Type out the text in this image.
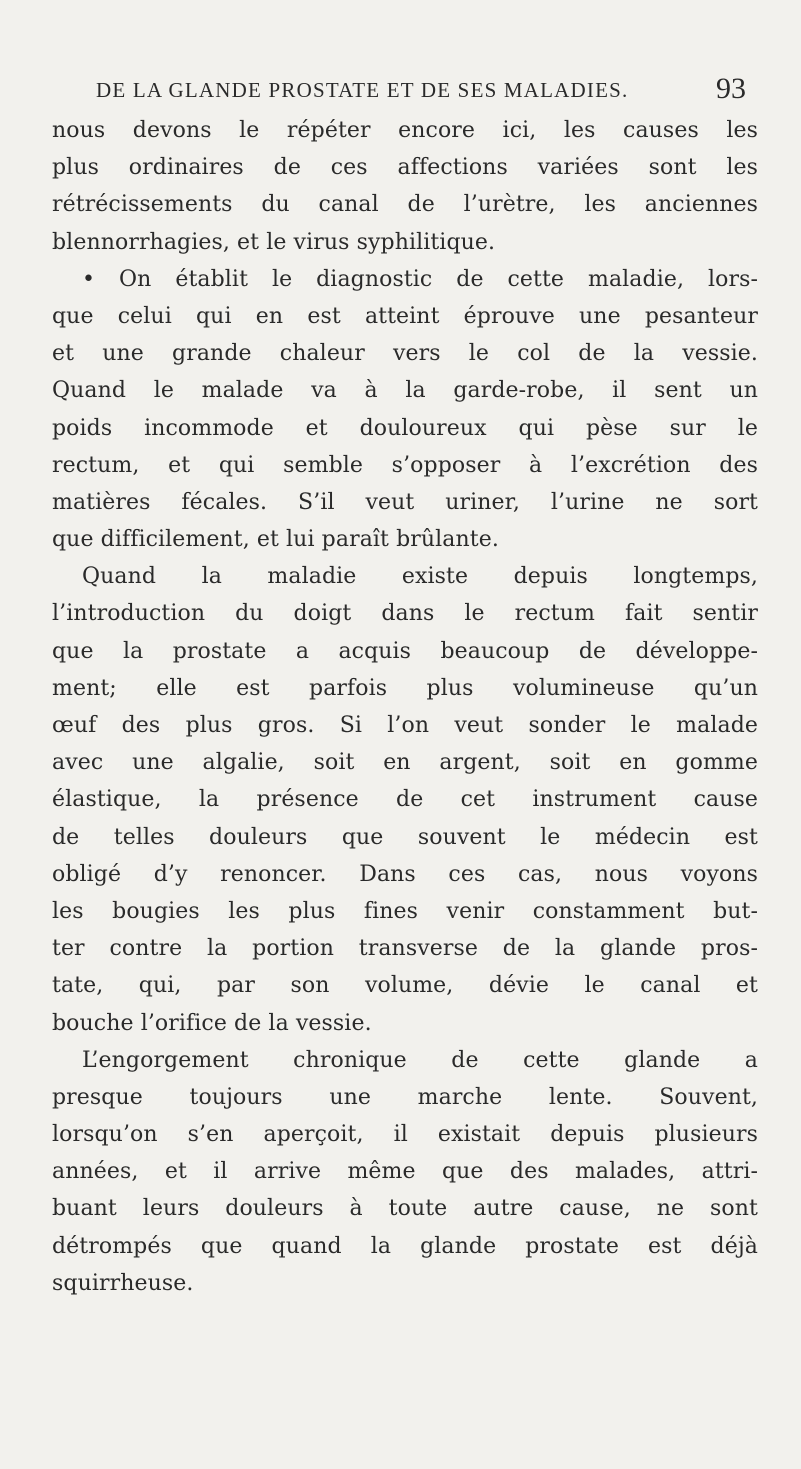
DE LA GLANDE PROSTATE ET DE SES MALADIES.	93
nous devons le répéter encore ici, les causes les
plus ordinaires de ces affections variées sont les
rétrécissements du canal de l’urètre, les anciennes
blennorrhagies, et le virus syphilitique.
• On établit le diagnostic de cette maladie, lors-
que celui qui en est atteint éprouve une pesanteur
et une grande chaleur vers le col de la vessie.
Quand le malade va à la garde-robe, il sent un
poids incommode et douloureux qui pèse sur le
rectum, et qui semble s’opposer à l’excrétion des
matières fécales. S’il veut uriner, l’urine ne sort
que difficilement, et lui paraît brûlante.
Quand la maladie existe depuis longtemps,
l’introduction du doigt dans le rectum fait sentir
que la prostate a acquis beaucoup de développe-
ment; elle est parfois plus volumineuse qu’un
œuf des plus gros. Si l’on veut sonder le malade
avec une algalie, soit en argent, soit en gomme
élastique, la présence de cet instrument cause
de telles douleurs que souvent le médecin est
obligé d’y renoncer. Dans ces cas, nous voyons
les bougies les plus fines venir constamment but-
ter contre la portion transverse de la glande pros-
tate, qui, par son volume, dévie le canal et
bouche l’orifice de la vessie.
L’engorgement chronique de cette glande a
presque toujours une marche lente. Souvent,
lorsqu’on s’en aperçoit, il existait depuis plusieurs
années, et il arrive même que des malades, attri-
buant leurs douleurs à toute autre cause, ne sont
détrompés que quand la glande prostate est déjà
squirrheuse.
